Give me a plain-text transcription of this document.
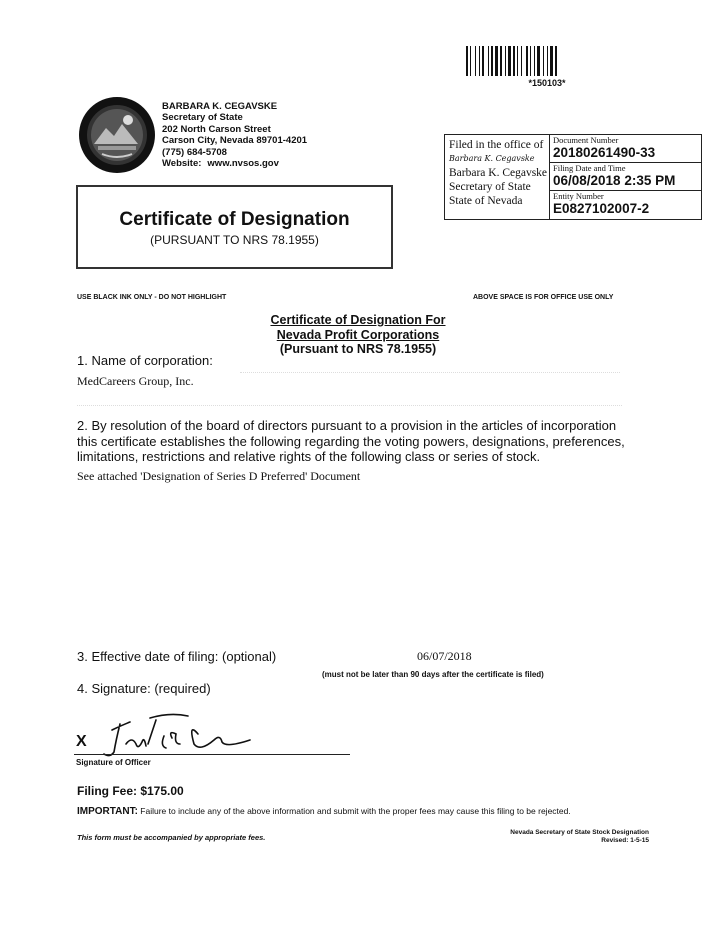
*150103*
BARBARA K. CEGAVSKE
Secretary of State
202 North Carson Street
Carson City, Nevada 89701-4201
(775) 684-5708
Website: www.nvsos.gov
Filed in the office of
Barbara K. Cegavske
Barbara K. Cegavske
Secretary of State
State of Nevada
Document Number
20180261490-33
Filing Date and Time
06/08/2018 2:35 PM
Entity Number
E0827102007-2
Certificate of Designation
(PURSUANT TO NRS 78.1955)
USE BLACK INK ONLY - DO NOT HIGHLIGHT	ABOVE SPACE IS FOR OFFICE USE ONLY
Certificate of Designation For
Nevada Profit Corporations
(Pursuant to NRS 78.1955)
1. Name of corporation:
MedCareers Group, Inc.
2. By resolution of the board of directors pursuant to a provision in the articles of incorporation this certificate establishes the following regarding the voting powers, designations, preferences, limitations, restrictions and relative rights of the following class or series of stock.
See attached 'Designation of Series D Preferred' Document
3. Effective date of filing: (optional)	06/07/2018
(must not be later than 90 days after the certificate is filed)
4. Signature: (required)
X
Signature of Officer
Filing Fee: $175.00
IMPORTANT: Failure to include any of the above information and submit with the proper fees may cause this filing to be rejected.
This form must be accompanied by appropriate fees.
Nevada Secretary of State Stock Designation
Revised: 1-5-15
